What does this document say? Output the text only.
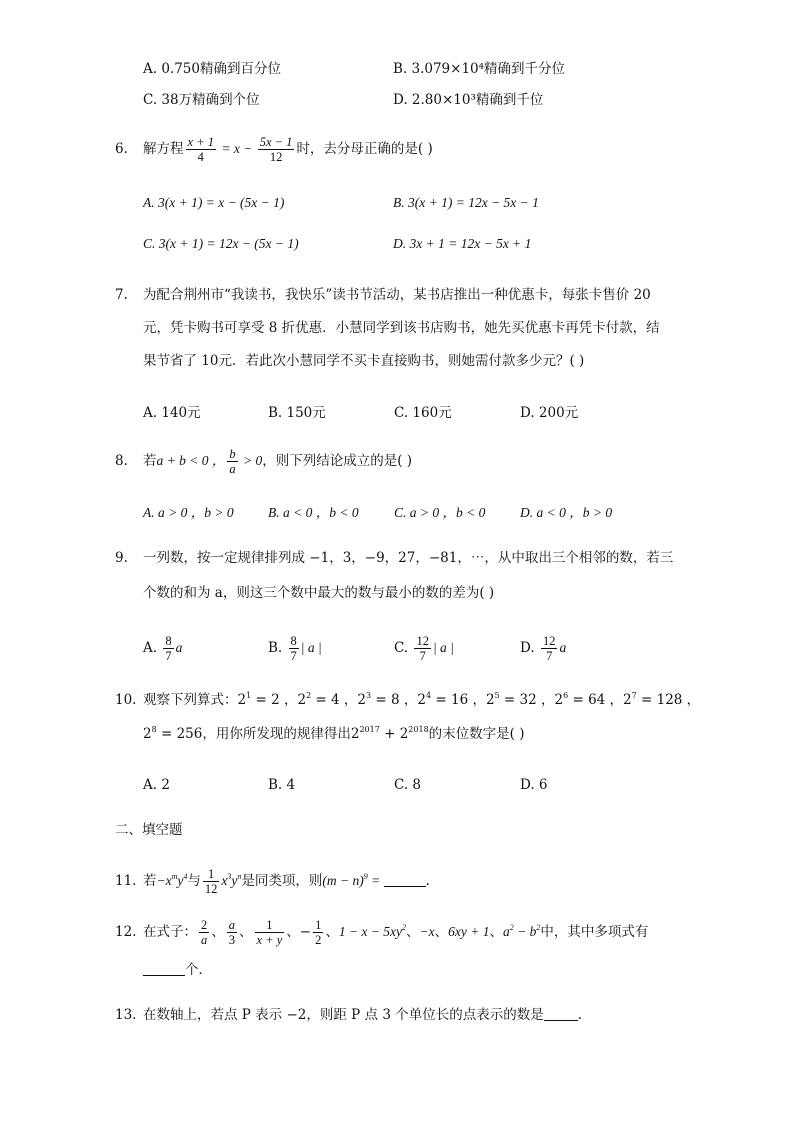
A. 0.750精确到百分位	B. 3.079×10⁴精确到千分位
C. 38万精确到个位	D. 2.80×10³精确到千位
6. 解方程 $\frac{x + 1}{4} = x - \frac{5x - 1}{12}$ 时，去分母正确的是( )
A. 3(x + 1) = x − (5x − 1)	B. 3(x + 1) = 12x − 5x − 1
C. 3(x + 1) = 12x − (5x − 1)	D. 3x + 1 = 12x − 5x + 1
7. 为配合荆州市“我读书，我快乐”读书节活动，某书店推出一种优惠卡，每张卡售价 20
元，凭卡购书可享受 8 折优惠．小慧同学到该书店购书，她先买优惠卡再凭卡付款，结
果节省了 10元．若此次小慧同学不买卡直接购书，则她需付款多少元？( )
A. 140元	B. 150元	C. 160元	D. 200元
8. 若a + b < 0 ， $\frac{b}{a} > 0$，则下列结论成立的是( )
A. a > 0 ，b > 0	B. a < 0 ，b < 0	C. a > 0 ，b < 0	D. a < 0 ，b > 0
9. 一列数，按一定规律排列成 −1，3，−9，27，−81，⋯，从中取出三个相邻的数，若三
个数的和为 a，则这三个数中最大的数与最小的数的差为( )
A. $\frac{8}{7}$ a	B. $\frac{8}{7}$ | a |	C. $\frac{12}{7}$ | a |	D. $\frac{12}{7}$ a
10. 观察下列算式：$2^1 = 2$ ，$2^2 = 4$ ，$2^3 = 8$ ，$2^4 = 16$ ，$2^5 = 32$ ，$2^6 = 64$ ，$2^7 = 128$ ，
$2^8 = 256$，用你所发现的规律得出$2^{2017} + 2^{2018}$的末位数字是( )
A. 2	B. 4	C. 8	D. 6
二、填空题
11. 若$-x^my^4$与 $\frac{1}{12} x^3y^n$是同类项，则$(m - n)^9$ =	.
12. 在式子： $\frac{2}{a}$ 、 $\frac{a}{3}$ 、 $\frac{1}{x + y}$ 、− $\frac{1}{2}$ 、$1 - x - 5xy^2$、−x、6xy + 1、$a^2 - b^2$中，其中多项式有
个．
13. 在数轴上，若点 P 表示 −2，则距 P 点 3 个单位长的点表示的数是	.
